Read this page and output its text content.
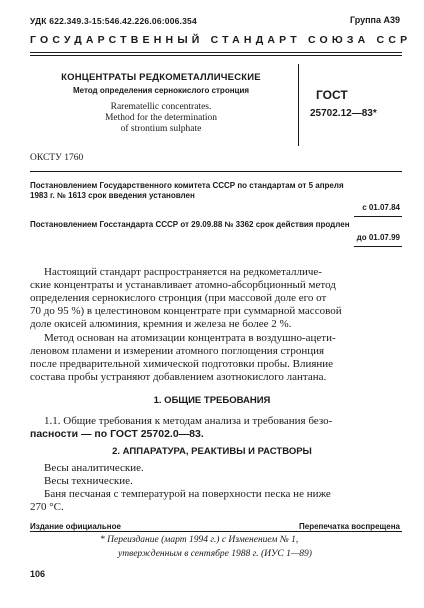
УДК 622.349.3-15:546.42.226.06:006.354	Группа А39
ГОСУДАРСТВЕННЫЙ СТАНДАРТ СОЮЗА ССР
КОНЦЕНТРАТЫ РЕДКОМЕТАЛЛИЧЕСКИЕ
Метод определения сернокислого стронция
Rarematellic concentrates.
Method for the determination
of strontium sulphate
ГОСТ
25702.12—83*
ОКСТУ 1760
Постановлением Государственного комитета СССР по стандартам от 5 апреля
1983 г. № 1613 срок введения установлен
с 01.07.84
Постановлением Госстандарта СССР от 29.09.88 № 3362 срок действия продлен
до 01.07.99
Настоящий стандарт распространяется на редкометалличе-
ские концентраты и устанавливает атомно-абсорбционный метод
определения сернокислого стронция (при массовой доле его от
70 до 95 %) в целестиновом концентрате при суммарной массовой
доле окисей алюминия, кремния и железа не более 2 %.
Метод основан на атомизации концентрата в воздушно-ацети-
леновом пламени и измерении атомного поглощения стронция
после предварительной химической подготовки пробы. Влияние
состава пробы устраняют добавлением азотнокислого лантана.
1. ОБЩИЕ ТРЕБОВАНИЯ
1.1. Общие требования к методам анализа и требования безо-
пасности — по ГОСТ 25702.0—83.
2. АППАРАТУРА, РЕАКТИВЫ И РАСТВОРЫ
Весы аналитические.
Весы технические.
Баня песчаная с температурой на поверхности песка не ниже
270 °С.
Издание официальное	Перепечатка воспрещена
* Переиздание (март 1994 г.) с Изменением № 1,
утвержденным в сентябре 1988 г. (ИУС 1—89)
106
